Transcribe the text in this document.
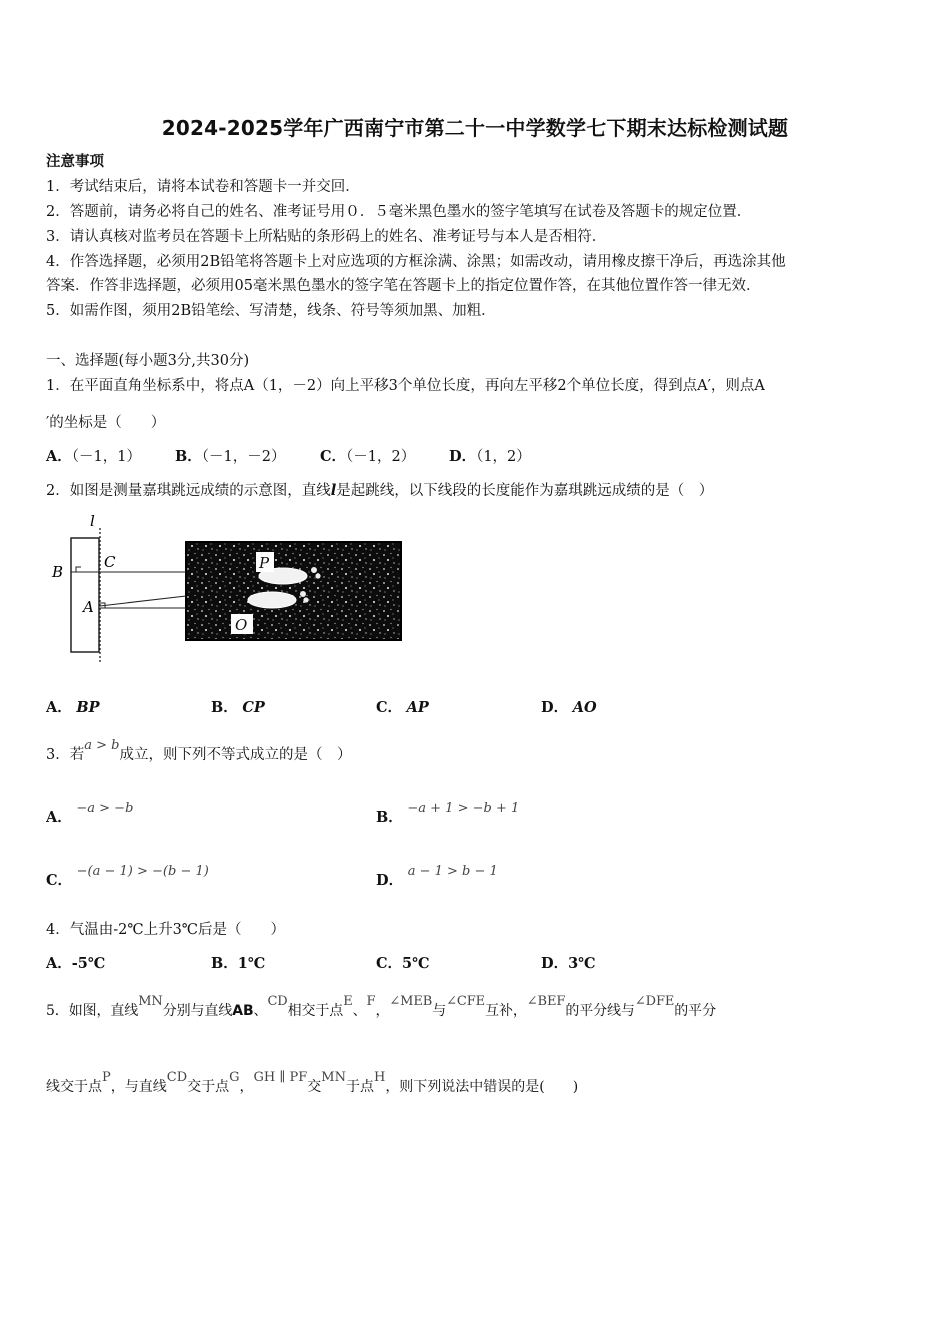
2024-2025学年广西南宁市第二十一中学数学七下期末达标检测试题
注意事项
1．考试结束后，请将本试卷和答题卡一并交回．
2．答题前，请务必将自己的姓名、准考证号用０．５毫米黑色墨水的签字笔填写在试卷及答题卡的规定位置．
3．请认真核对监考员在答题卡上所粘贴的条形码上的姓名、准考证号与本人是否相符．
4．作答选择题，必须用2B铅笔将答题卡上对应选项的方框涂满、涂黑；如需改动，请用橡皮擦干净后，再选涂其他
答案．作答非选择题，必须用05毫米黑色墨水的签字笔在答题卡上的指定位置作答，在其他位置作答一律无效．
5．如需作图，须用2B铅笔绘、写清楚，线条、符号等须加黑、加粗．
一、选择题(每小题3分,共30分)
1．在平面直角坐标系中，将点A（1，－2）向上平移3个单位长度，再向左平移2个单位长度，得到点A′，则点A
′的坐标是（　　）
A．（－1，1） B．（－1，－2） C．（－1，2） D．（1，2）
2．如图是测量嘉琪跳远成绩的示意图，直线l是起跳线，以下线段的长度能作为嘉琪跳远成绩的是（　）
l
B
C
A
P
O
A． BP	B． CP	C． AP	D． AO
3．若a > b成立，则下列不等式成立的是（　）
A． −a > −b
B． −a + 1 > −b + 1
C． −(a − 1) > −(b − 1)
D． a − 1 > b − 1
4．气温由-2℃上升3℃后是（　　）
A．-5℃	B．1℃	C．5℃	D．3℃
5．如图，直线MN分别与直线AB、CD相交于点E、F，∠MEB与∠CFE互补，∠BEF的平分线与∠DFE的平分
线交于点P，与直线CD交于点G，GH ∥ PF交MN于点H，则下列说法中错误的是(　　)
